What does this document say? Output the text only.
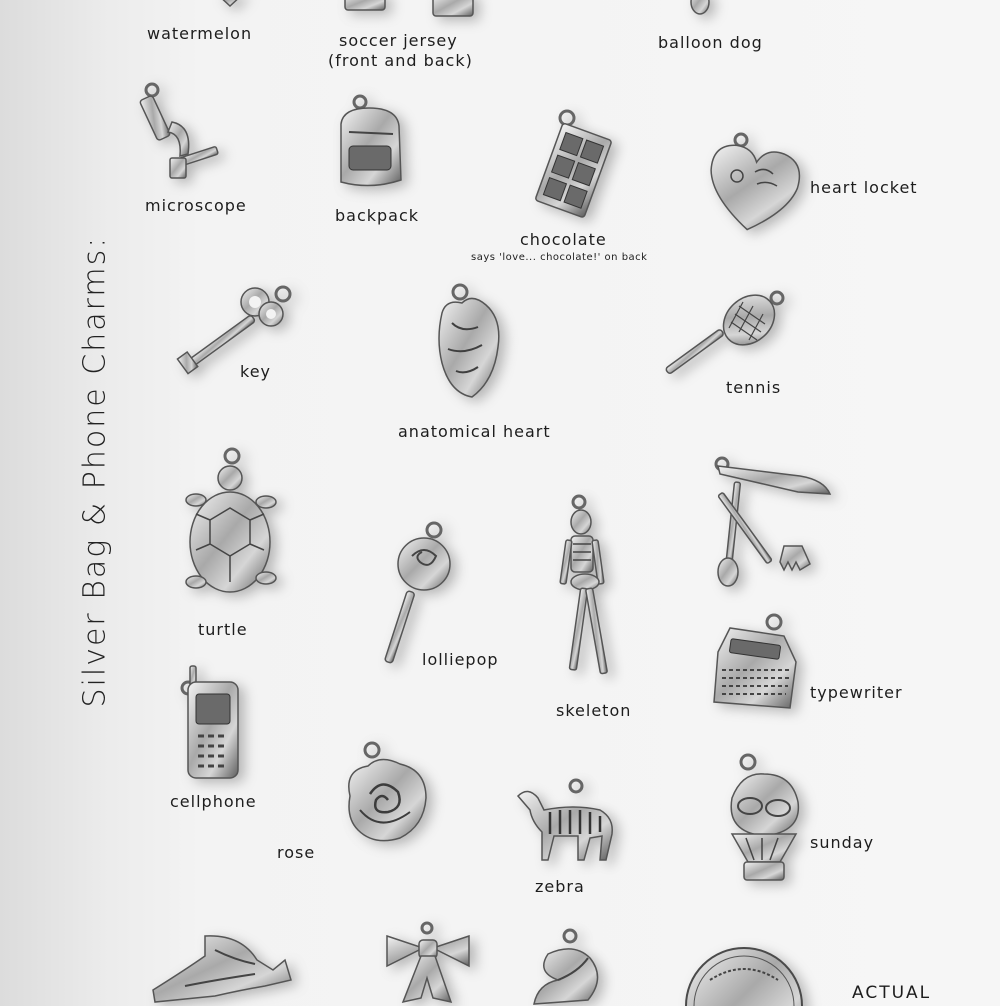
Silver Bag & Phone Charms:
watermelon	soccer jersey
(front and back)
balloon dog
microscope
backpack
chocolate
says 'love... chocolate!' on back
heart locket
key
anatomical heart
tennis
turtle
lolliepop
skeleton
typewriter
cellphone
rose
zebra
sunday
ACTUAL
